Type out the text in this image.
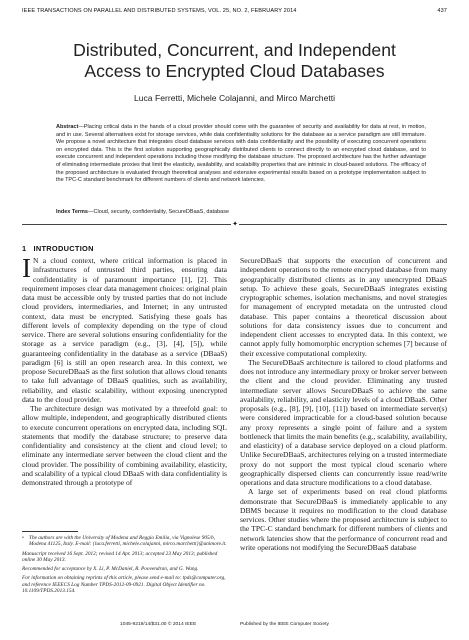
IEEE TRANSACTIONS ON PARALLEL AND DISTRIBUTED SYSTEMS, VOL. 25, NO. 2, FEBRUARY 2014	437
Distributed, Concurrent, and Independent
Access to Encrypted Cloud Databases
Luca Ferretti, Michele Colajanni, and Mirco Marchetti
Abstract—Placing critical data in the hands of a cloud provider should come with the guarantee of security and availability for data at rest, in motion, and in use. Several alternatives exist for storage services, while data confidentiality solutions for the database as a service paradigm are still immature. We propose a novel architecture that integrates cloud database services with data confidentiality and the possibility of executing concurrent operations on encrypted data. This is the first solution supporting geographically distributed clients to connect directly to an encrypted cloud database, and to execute concurrent and independent operations including those modifying the database structure. The proposed architecture has the further advantage of eliminating intermediate proxies that limit the elasticity, availability, and scalability properties that are intrinsic in cloud-based solutions. The efficacy of the proposed architecture is evaluated through theoretical analyses and extensive experimental results based on a prototype implementation subject to the TPC-C standard benchmark for different numbers of clients and network latencies.
Index Terms—Cloud, security, confidentiality, SecureDBaaS, database
✦
1 INTRODUCTION

I N a cloud context, where critical information is placed in infrastructures of untrusted third parties, ensuring data confidentiality is of paramount importance [1], [2]. This requirement imposes clear data management choices: original plain data must be accessible only by trusted parties that do not include cloud providers, intermediaries, and Internet; in any untrusted context, data must be encrypted. Satisfying these goals has different levels of complexity depending on the type of cloud service. There are several solutions ensuring confidentiality for the storage as a service paradigm (e.g., [3], [4], [5]), while guaranteeing confidentiality in the database as a service (DBaaS) paradigm [6] is still an open research area. In this context, we propose SecureDBaaS as the first solution that allows cloud tenants to take full advantage of DBaaS qualities, such as availability, reliability, and elastic scalability, without exposing unencrypted data to the cloud provider.

The architecture design was motivated by a threefold goal: to allow multiple, independent, and geographically distributed clients to execute concurrent operations on encrypted data, including SQL statements that modify the database structure; to preserve data confidentiality and consistency at the client and cloud level; to eliminate any intermediate server between the cloud client and the cloud provider. The possibility of combining availability, elasticity, and scalability of a typical cloud DBaaS with data confidentiality is demonstrated through a prototype of

SecureDBaaS that supports the execution of concurrent and independent operations to the remote encrypted database from many geographically distributed clients as in any unencrypted DBaaS setup. To achieve these goals, SecureDBaaS integrates existing cryptographic schemes, isolation mechanisms, and novel strategies for management of encrypted metadata on the untrusted cloud database. This paper contains a theoretical discussion about solutions for data consistency issues due to concurrent and independent client accesses to encrypted data. In this context, we cannot apply fully homomorphic encryption schemes [7] because of their excessive computational complexity.

The SecureDBaaS architecture is tailored to cloud platforms and does not introduce any intermediary proxy or broker server between the client and the cloud provider. Eliminating any trusted intermediate server allows SecureDBaaS to achieve the same availability, reliability, and elasticity levels of a cloud DBaaS. Other proposals (e.g., [8], [9], [10], [11]) based on intermediate server(s) were considered impracticable for a cloud-based solution because any proxy represents a single point of failure and a system bottleneck that limits the main benefits (e.g., scalability, availability, and elasticity) of a database service deployed on a cloud platform. Unlike SecureDBaaS, architectures relying on a trusted intermediate proxy do not support the most typical cloud scenario where geographically dispersed clients can concurrently issue read/write operations and data structure modifications to a cloud database.

A large set of experiments based on real cloud platforms demonstrate that SecureDBaaS is immediately applicable to any DBMS because it requires no modification to the cloud database services. Other studies where the proposed architecture is subject to the TPC-C standard benchmark for different numbers of clients and network latencies show that the performance of concurrent read and write operations not modifying the SecureDBaaS database

• The authors are with the University of Modena and Reggio Emilia, via Vignolese 905/b, Modena 41125, Italy. E-mail: {luca.ferretti, michele.colajanni, mirco.marchetti}@unimore.it.

Manuscript received 16 Sept. 2012; revised 14 Apr. 2013; accepted 23 May 2013; published online 30 May 2013.

Recommended for acceptance by X. Li, P. McDaniel, R. Poovendran, and G. Wang.

For information on obtaining reprints of this article, please send e-mail to: tpds@computer.org, and reference IEEECS Log Number TPDS-2012-09-0921. Digital Object Identifier no. 10.1109/TPDS.2013.154.

1045-9219/14/$31.00 © 2014 IEEE	Published by the IEEE Computer Society
